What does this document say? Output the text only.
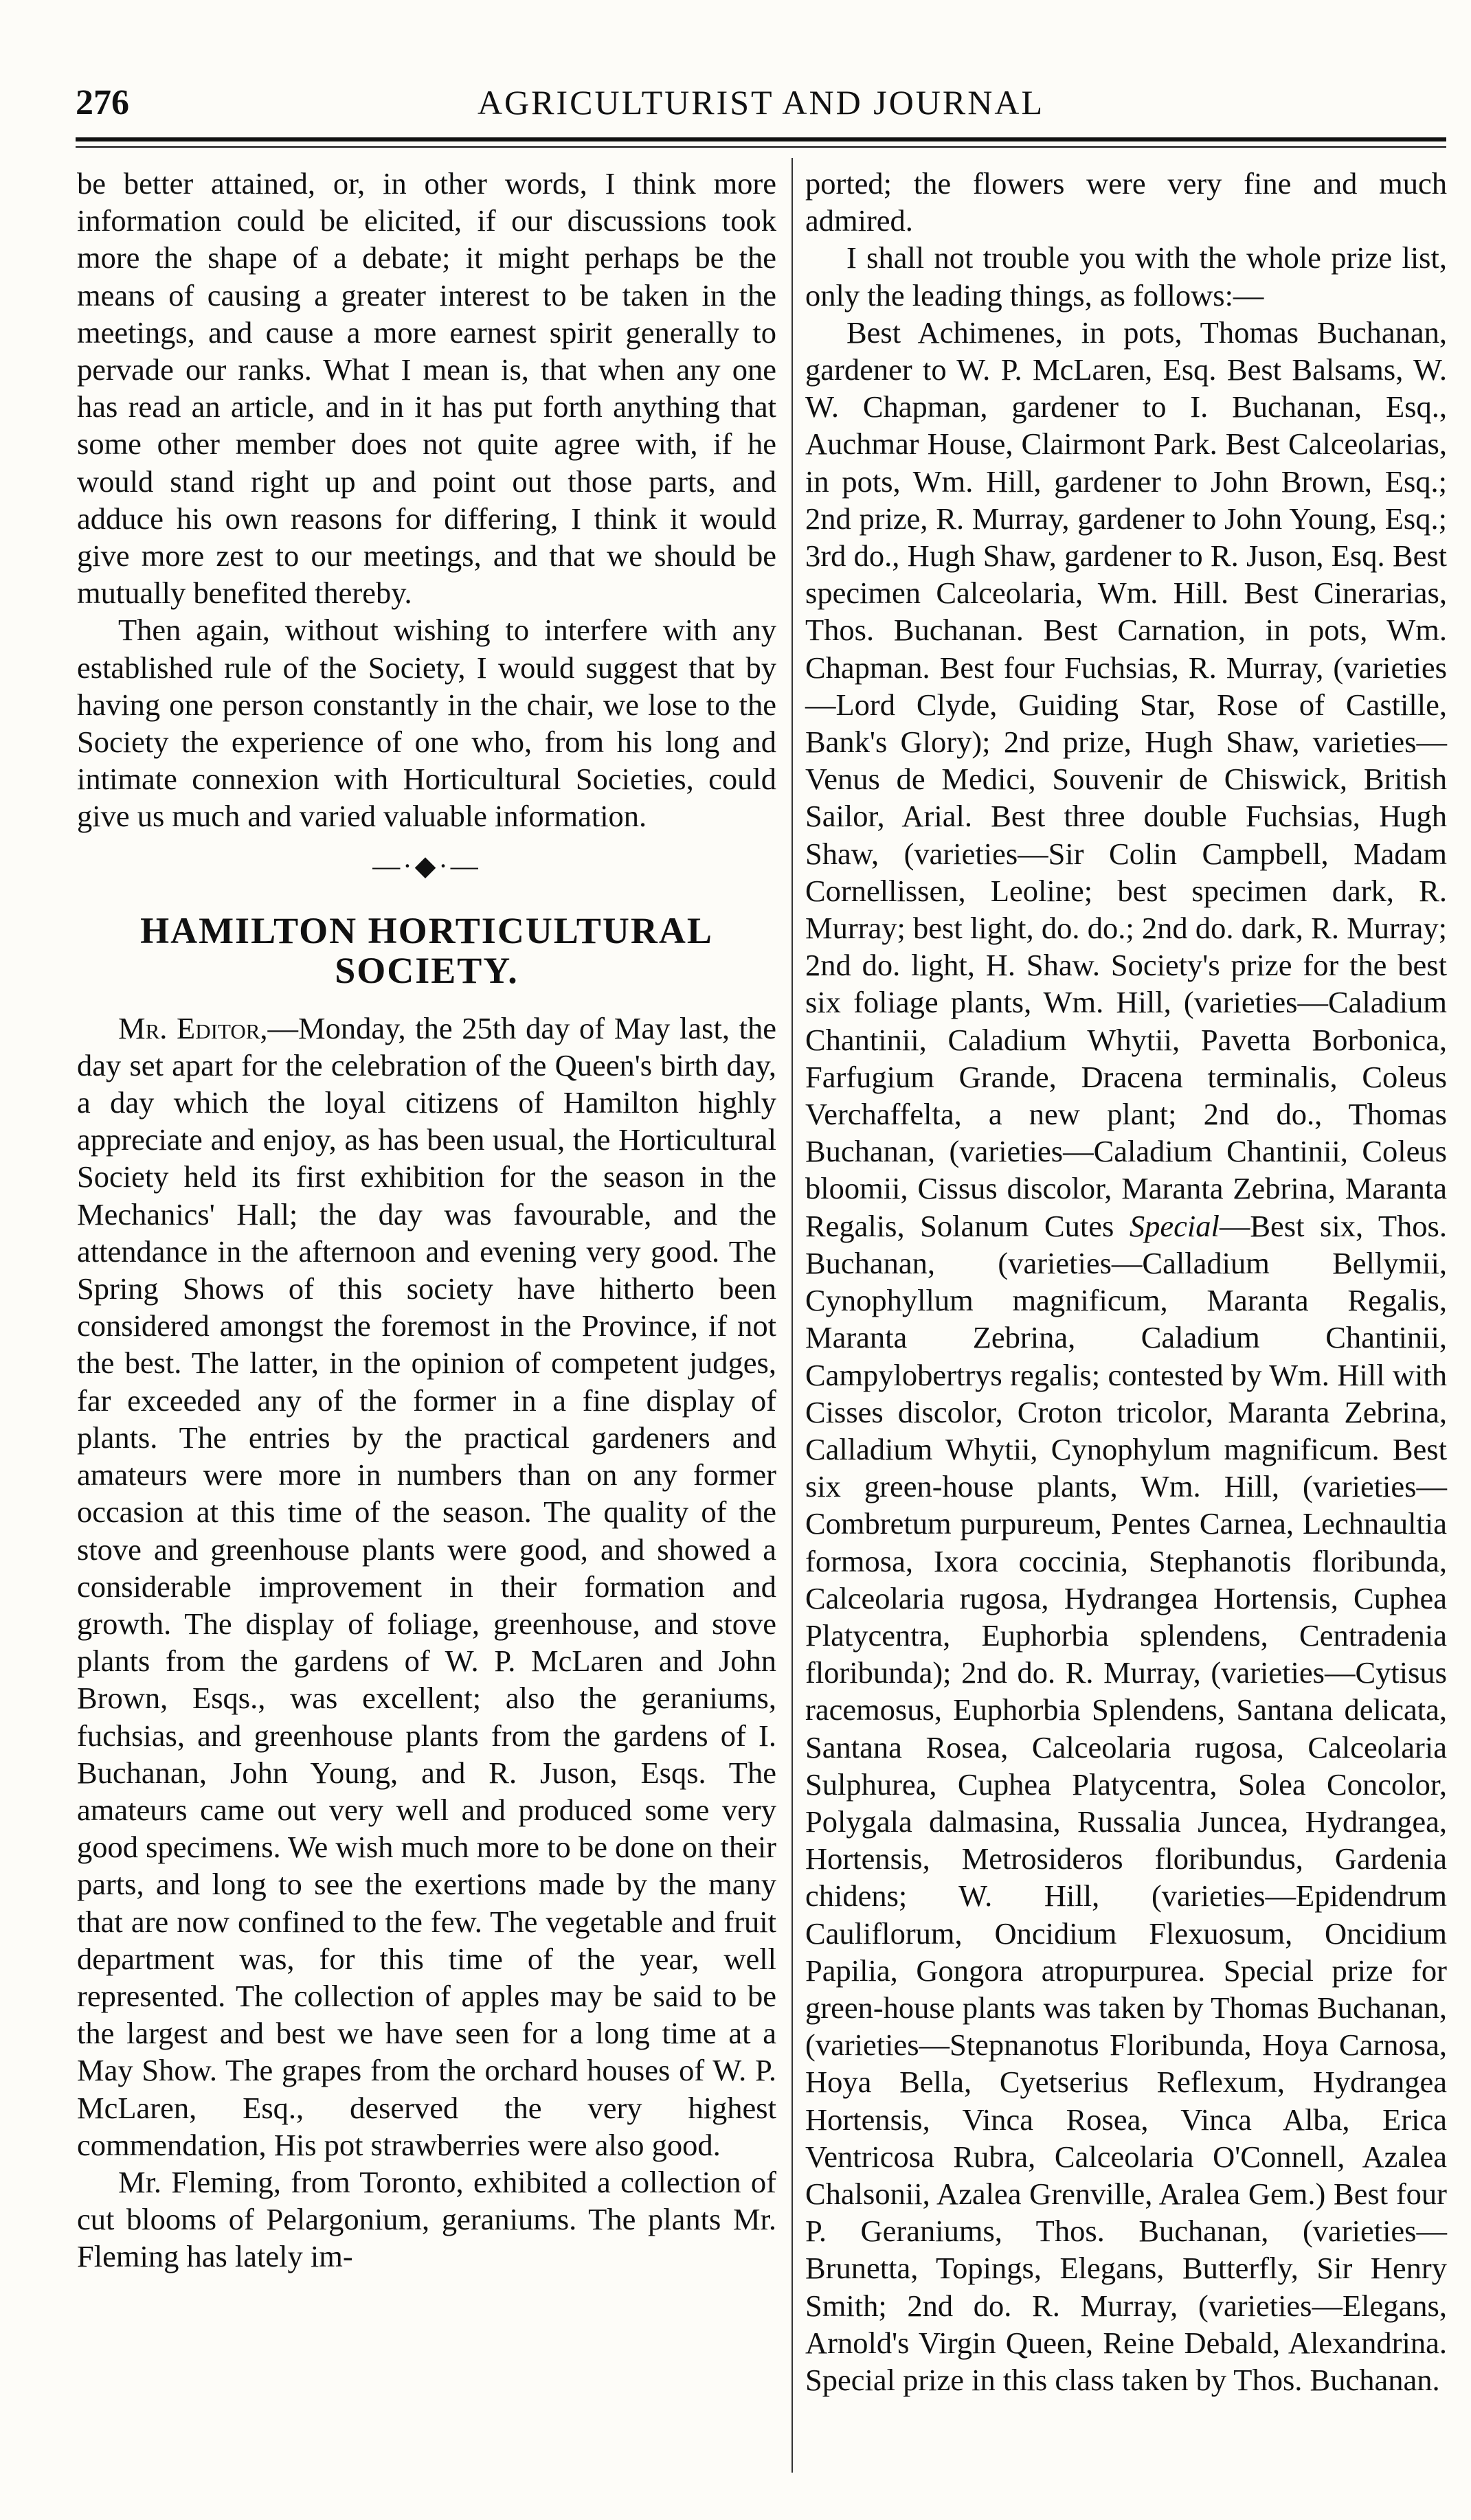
276	AGRICULTURIST AND JOURNAL

be better attained, or, in other words, I think more information could be elicited, if our discussions took more the shape of a debate; it might perhaps be the means of causing a greater interest to be taken in the meetings, and cause a more earnest spirit generally to pervade our ranks. What I mean is, that when any one has read an article, and in it has put forth anything that some other member does not quite agree with, if he would stand right up and point out those parts, and adduce his own reasons for differing, I think it would give more zest to our meetings, and that we should be mutually benefited thereby.

Then again, without wishing to interfere with any established rule of the Society, I would suggest that by having one person constantly in the chair, we lose to the Society the experience of one who, from his long and intimate connexion with Horticultural Societies, could give us much and varied valuable information.

—·◆·—
HAMILTON HORTICULTURAL
SOCIETY.

Mr. Editor,—Monday, the 25th day of May last, the day set apart for the celebration of the Queen's birth day, a day which the loyal citizens of Hamilton highly appreciate and enjoy, as has been usual, the Horticultural Society held its first exhibition for the season in the Mechanics' Hall; the day was favourable, and the attendance in the afternoon and evening very good. The Spring Shows of this society have hitherto been considered amongst the foremost in the Province, if not the best. The latter, in the opinion of competent judges, far exceeded any of the former in a fine display of plants. The entries by the practical gardeners and amateurs were more in numbers than on any former occasion at this time of the season. The quality of the stove and greenhouse plants were good, and showed a considerable improvement in their formation and growth. The display of foliage, greenhouse, and stove plants from the gardens of W. P. McLaren and John Brown, Esqs., was excellent; also the geraniums, fuchsias, and greenhouse plants from the gardens of I. Buchanan, John Young, and R. Juson, Esqs. The amateurs came out very well and produced some very good specimens. We wish much more to be done on their parts, and long to see the exertions made by the many that are now confined to the few. The vegetable and fruit department was, for this time of the year, well represented. The collection of apples may be said to be the largest and best we have seen for a long time at a May Show. The grapes from the orchard houses of W. P. McLaren, Esq., deserved the very highest commendation, His pot strawberries were also good.

Mr. Fleming, from Toronto, exhibited a collection of cut blooms of Pelargonium, geraniums. The plants Mr. Fleming has lately im-

ported; the flowers were very fine and much admired.

I shall not trouble you with the whole prize list, only the leading things, as follows:—

Best Achimenes, in pots, Thomas Buchanan, gardener to W. P. McLaren, Esq. Best Balsams, W. W. Chapman, gardener to I. Buchanan, Esq., Auchmar House, Clairmont Park. Best Calceolarias, in pots, Wm. Hill, gardener to John Brown, Esq.; 2nd prize, R. Murray, gardener to John Young, Esq.; 3rd do., Hugh Shaw, gardener to R. Juson, Esq. Best specimen Calceolaria, Wm. Hill. Best Cinerarias, Thos. Buchanan. Best Carnation, in pots, Wm. Chapman. Best four Fuchsias, R. Murray, (varieties—Lord Clyde, Guiding Star, Rose of Castille, Bank's Glory); 2nd prize, Hugh Shaw, varieties—Venus de Medici, Souvenir de Chiswick, British Sailor, Arial. Best three double Fuchsias, Hugh Shaw, (varieties—Sir Colin Campbell, Madam Cornellissen, Leoline; best specimen dark, R. Murray; best light, do. do.; 2nd do. dark, R. Murray; 2nd do. light, H. Shaw. Society's prize for the best six foliage plants, Wm. Hill, (varieties—Caladium Chantinii, Caladium Whytii, Pavetta Borbonica, Farfugium Grande, Dracena terminalis, Coleus Verchaffelta, a new plant; 2nd do., Thomas Buchanan, (varieties—Caladium Chantinii, Coleus bloomii, Cissus discolor, Maranta Zebrina, Maranta Regalis, Solanum Cutes Special—Best six, Thos. Buchanan, (varieties—Calladium Bellymii, Cynophyllum magnificum, Maranta Regalis, Maranta Zebrina, Caladium Chantinii, Campylobertrys regalis; contested by Wm. Hill with Cisses discolor, Croton tricolor, Maranta Zebrina, Calladium Whytii, Cynophylum magnificum. Best six green-house plants, Wm. Hill, (varieties—Combretum purpureum, Pentes Carnea, Lechnaultia formosa, Ixora coccinia, Stephanotis floribunda, Calceolaria rugosa, Hydrangea Hortensis, Cuphea Platycentra, Euphorbia splendens, Centradenia floribunda); 2nd do. R. Murray, (varieties—Cytisus racemosus, Euphorbia Splendens, Santana delicata, Santana Rosea, Calceolaria rugosa, Calceolaria Sulphurea, Cuphea Platycentra, Solea Concolor, Polygala dalmasina, Russalia Juncea, Hydrangea, Hortensis, Metrosideros floribundus, Gardenia chidens; W. Hill, (varieties—Epidendrum Cauliflorum, Oncidium Flexuosum, Oncidium Papilia, Gongora atropurpurea. Special prize for green-house plants was taken by Thomas Buchanan, (varieties—Stepnanotus Floribunda, Hoya Carnosa, Hoya Bella, Cyetserius Reflexum, Hydrangea Hortensis, Vinca Rosea, Vinca Alba, Erica Ventricosa Rubra, Calceolaria O'Connell, Azalea Chalsonii, Azalea Grenville, Aralea Gem.) Best four P. Geraniums, Thos. Buchanan, (varieties—Brunetta, Topings, Elegans, Butterfly, Sir Henry Smith; 2nd do. R. Murray, (varieties—Elegans, Arnold's Virgin Queen, Reine Debald, Alexandrina. Special prize in this class taken by Thos. Buchanan.
